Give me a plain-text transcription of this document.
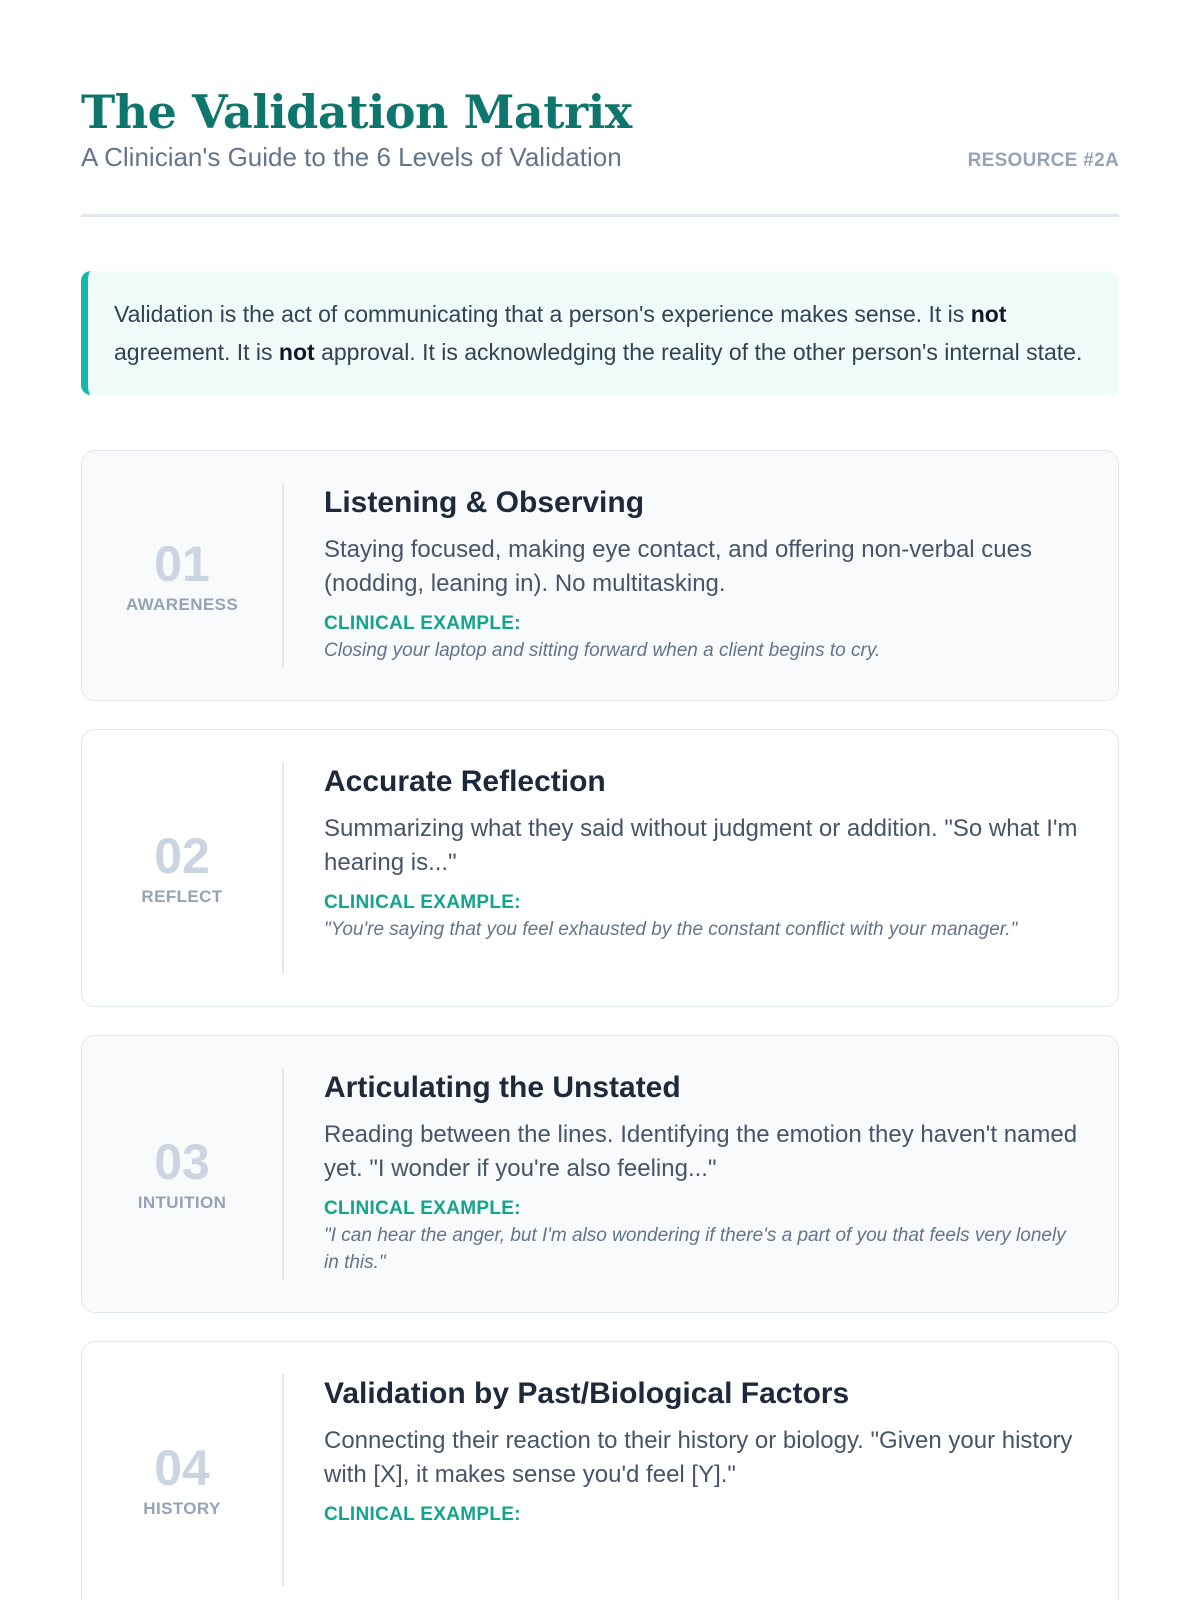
The Validation Matrix

A Clinician's Guide to the 6 Levels of Validation	RESOURCE #2A
Validation is the act of communicating that a person's experience makes sense. It is not agreement. It is not approval. It is acknowledging the reality of the other person's internal state.
01
AWARENESS
Listening & Observing

Staying focused, making eye contact, and offering non-verbal cues (nodding, leaning in). No multitasking.

CLINICAL EXAMPLE:
Closing your laptop and sitting forward when a client begins to cry.
02
REFLECT
Accurate Reflection

Summarizing what they said without judgment or addition. "So what I'm hearing is..."

CLINICAL EXAMPLE:
"You're saying that you feel exhausted by the constant conflict with your manager."
03
INTUITION
Articulating the Unstated

Reading between the lines. Identifying the emotion they haven't named yet. "I wonder if you're also feeling..."

CLINICAL EXAMPLE:
"I can hear the anger, but I'm also wondering if there's a part of you that feels very lonely in this."
04
HISTORY
Validation by Past/Biological Factors

Connecting their reaction to their history or biology. "Given your history with [X], it makes sense you'd feel [Y]."

CLINICAL EXAMPLE:
